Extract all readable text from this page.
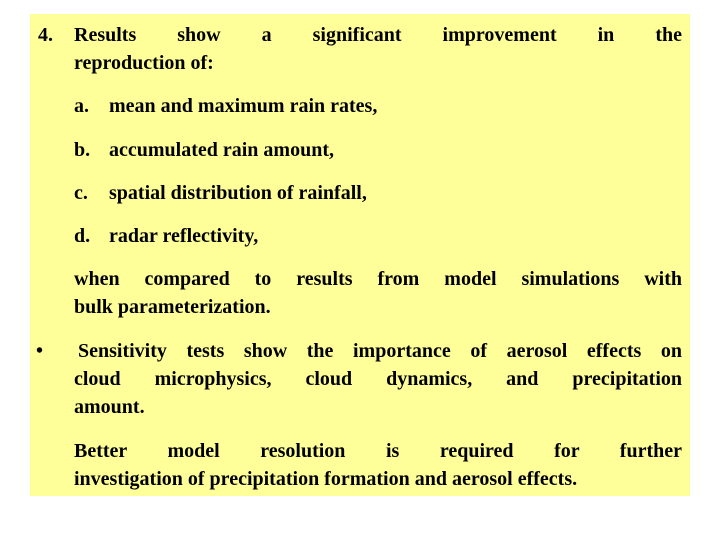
4. Results show a significant improvement in the
reproduction of:
a. mean and maximum rain rates,
b. accumulated rain amount,
c. spatial distribution of rainfall,
d. radar reflectivity,
when compared to results from model simulations with
bulk parameterization.
• Sensitivity tests show the importance of aerosol effects on
cloud microphysics, cloud dynamics, and precipitation
amount.
Better model resolution is required for further
investigation of precipitation formation and aerosol effects.
